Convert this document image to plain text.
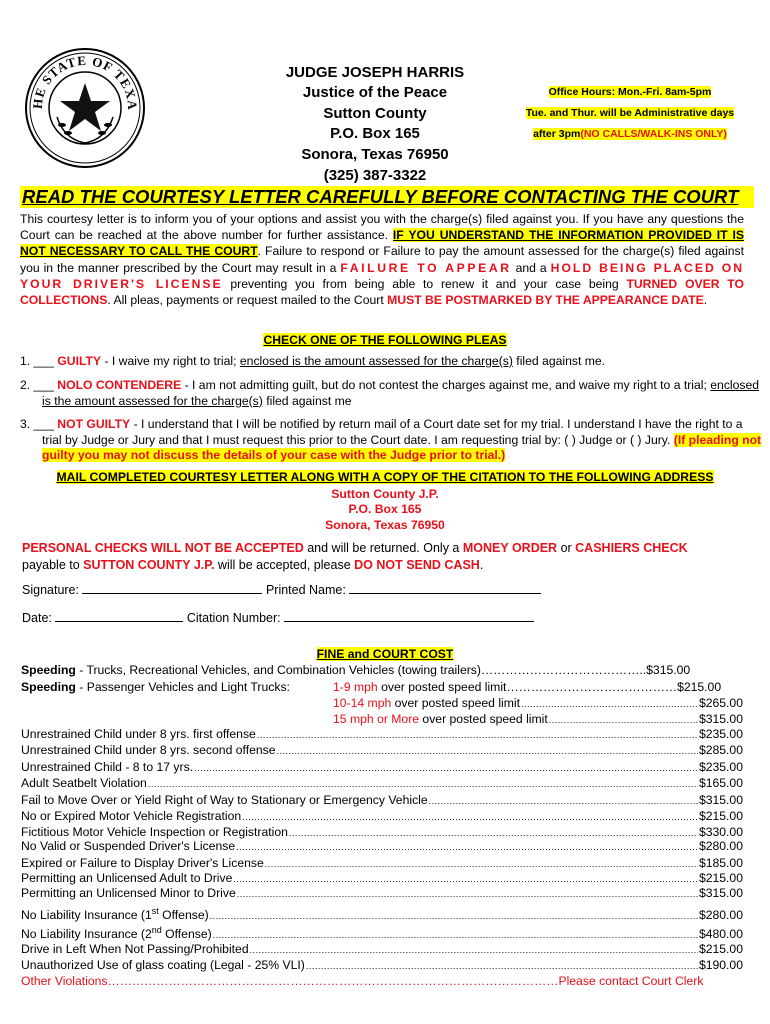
HE STATE OF TEXA
JUDGE JOSEPH HARRIS
Justice of the Peace
Sutton County
P.O. Box 165
Sonora, Texas 76950
(325) 387-3322
Office Hours: Mon.-Fri. 8am-5pm
Tue. and Thur. will be Administrative days
after 3pm(NO CALLS/WALK-INS ONLY)
READ THE COURTESY LETTER CAREFULLY BEFORE CONTACTING THE COURT
This courtesy letter is to inform you of your options and assist you with the charge(s) filed against you. If you have any questions the Court can be reached at the above number for further assistance. IF YOU UNDERSTAND THE INFORMATION PROVIDED IT IS NOT NECESSARY TO CALL THE COURT. Failure to respond or Failure to pay the amount assessed for the charge(s) filed against you in the manner prescribed by the Court may result in a FAILURE TO APPEAR and a HOLD BEING PLACED ON YOUR DRIVER'S LICENSE preventing you from being able to renew it and your case being TURNED OVER TO COLLECTIONS. All pleas, payments or request mailed to the Court MUST BE POSTMARKED BY THE APPEARANCE DATE.
CHECK ONE OF THE FOLLOWING PLEAS
1. ___ GUILTY - I waive my right to trial; enclosed is the amount assessed for the charge(s) filed against me.
2. ___ NOLO CONTENDERE - I am not admitting guilt, but do not contest the charges against me, and waive my right to a trial; enclosed is the amount assessed for the charge(s) filed against me
3. ___ NOT GUILTY - I understand that I will be notified by return mail of a Court date set for my trial. I understand I have the right to a trial by Judge or Jury and that I must request this prior to the Court date. I am requesting trial by: ( ) Judge or ( ) Jury. (If pleading not guilty you may not discuss the details of your case with the Judge prior to trial.)
MAIL COMPLETED COURTESY LETTER ALONG WITH A COPY OF THE CITATION TO THE FOLLOWING ADDRESS
Sutton County J.P.
P.O. Box 165
Sonora, Texas 76950
PERSONAL CHECKS WILL NOT BE ACCEPTED and will be returned. Only a MONEY ORDER or CASHIERS CHECK
payable to SUTTON COUNTY J.P. will be accepted, please DO NOT SEND CASH.
Signature:	Printed Name:
Date:	Citation Number:
FINE and COURT COST
Speeding - Trucks, Recreational Vehicles, and Combination Vehicles (towing trailers)…………………………………..$315.00
Speeding - Passenger Vehicles and Light Trucks:	1-9 mph over posted speed limit……………………………………$215.00
10-14 mph over posted speed limit .....	$265.00
15 mph or More over posted speed limit .....	$315.00
Unrestrained Child under 8 yrs. first offense .....	$235.00
Unrestrained Child under 8 yrs. second offense .....	$285.00
Unrestrained Child - 8 to 17 yrs. .....	$235.00
Adult Seatbelt Violation .....	$165.00
Fail to Move Over or Yield Right of Way to Stationary or Emergency Vehicle .....	$315.00
No or Expired Motor Vehicle Registration .....	$215.00
Fictitious Motor Vehicle Inspection or Registration .....	$330.00
No Valid or Suspended Driver's License .....	$280.00
Expired or Failure to Display Driver's License .....	$185.00
Permitting an Unlicensed Adult to Drive .....	$215.00
Permitting an Unlicensed Minor to Drive .....	$315.00
No Liability Insurance (1st Offense) .....	$280.00
No Liability Insurance (2nd Offense) .....	$480.00
Drive in Left When Not Passing/Prohibited .....	$215.00
Unauthorized Use of glass coating (Legal - 25% VLI) .....	$190.00
Other Violations…………………………………………………………………………………………………Please contact Court Clerk
